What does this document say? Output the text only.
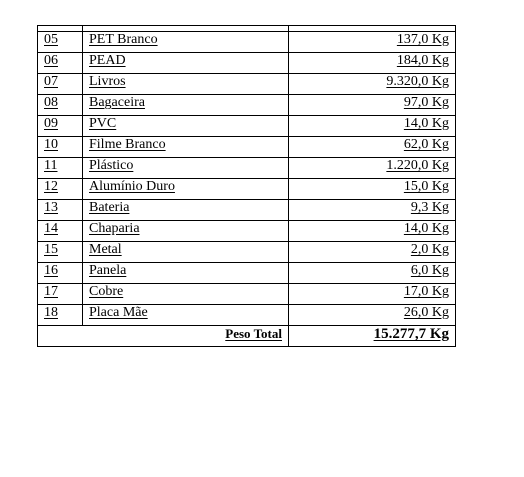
05	PET Branco	137,0 Kg
06	PEAD	184,0 Kg
07	Livros	9.320,0 Kg
08	Bagaceira	97,0 Kg
09	PVC	14,0 Kg
10	Filme Branco	62,0 Kg
11	Plástico	1.220,0 Kg
12	Alumínio Duro	15,0 Kg
13	Bateria	9,3 Kg
14	Chaparia	14,0 Kg
15	Metal	2,0 Kg
16	Panela	6,0 Kg
17	Cobre	17,0 Kg
18	Placa Mãe	26,0 Kg
Peso Total		15.277,7 Kg
